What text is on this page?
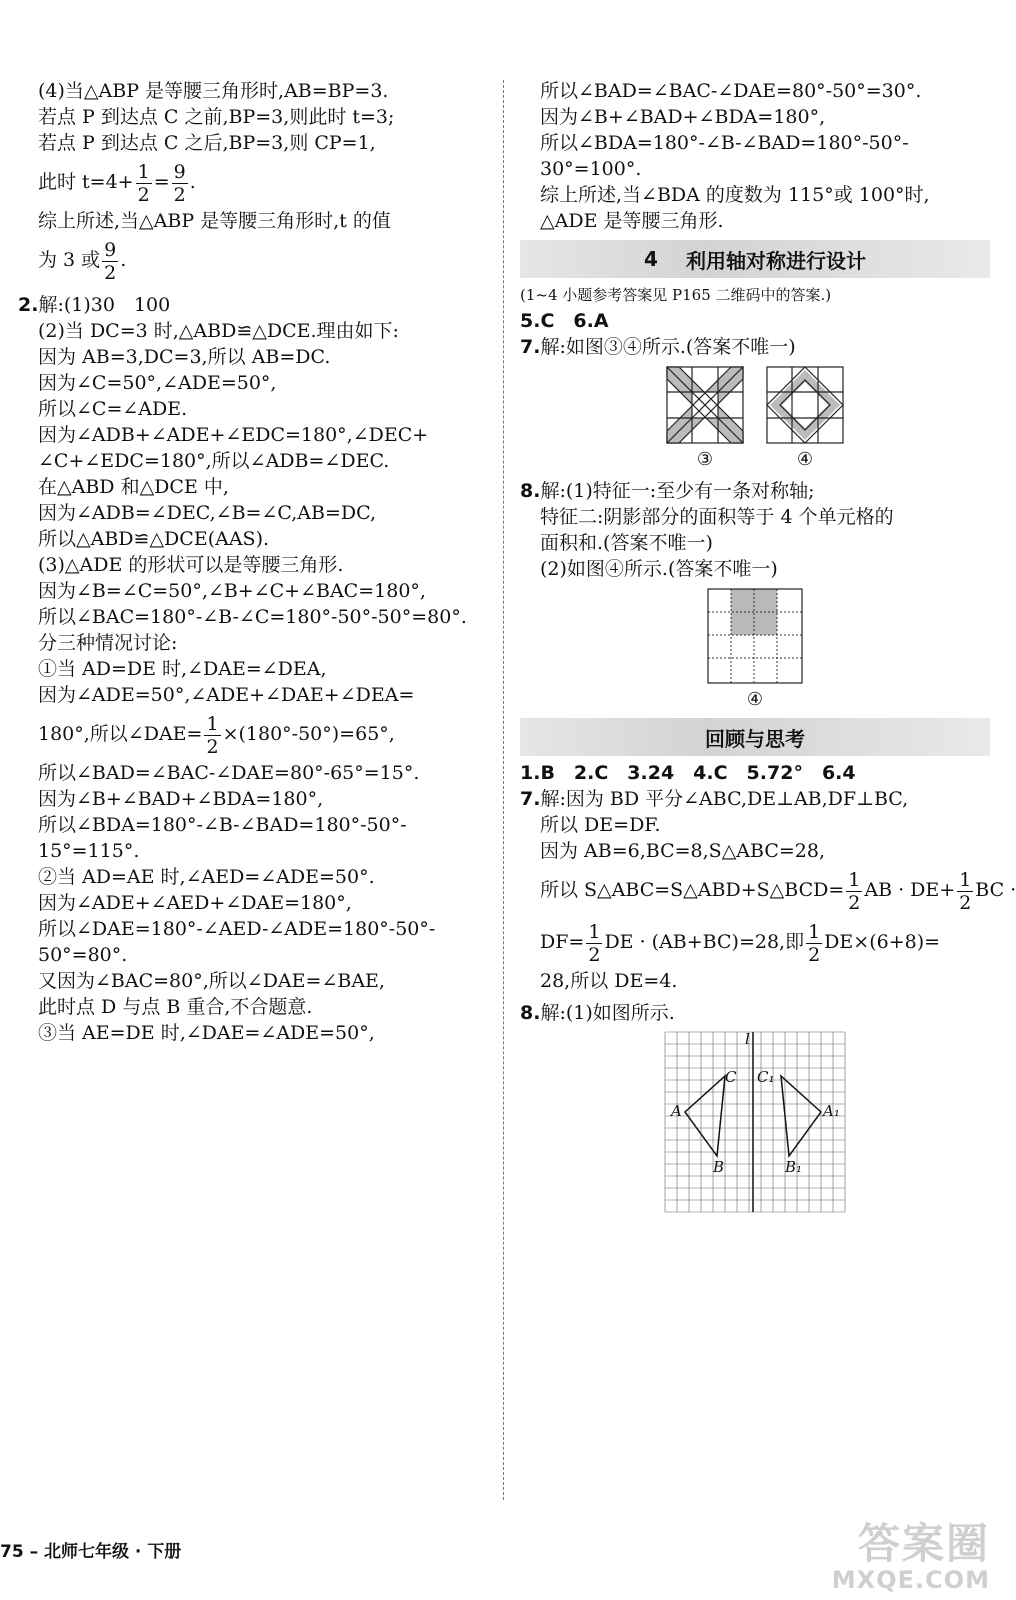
(4)当△ABP 是等腰三角形时,AB=BP=3.
若点 P 到达点 C 之前,BP=3,则此时 t=3;
若点 P 到达点 C 之后,BP=3,则 CP=1,
此时 $t=4+ \frac{1}{2} = \frac{9}{2}$ .
综上所述,当△ABP 是等腰三角形时,t 的值
为 3 或 $\frac{9}{2}$ .
2.解:(1)30　100
(2)当 DC=3 时,△ABD≌△DCE.理由如下:
因为 AB=3,DC=3,所以 AB=DC.
因为∠C=50°,∠ADE=50°,
所以∠C=∠ADE.
因为∠ADB+∠ADE+∠EDC=180°,∠DEC+
∠C+∠EDC=180°,所以∠ADB=∠DEC.
在△ABD 和△DCE 中,
因为∠ADB=∠DEC,∠B=∠C,AB=DC,
所以△ABD≌△DCE(AAS).
(3)△ADE 的形状可以是等腰三角形.
因为∠B=∠C=50°,∠B+∠C+∠BAC=180°,
所以∠BAC=180°-∠B-∠C=180°-50°-50°=80°.
分三种情况讨论:
①当 AD=DE 时,∠DAE=∠DEA,
因为∠ADE=50°,∠ADE+∠DAE+∠DEA=
180°,所以∠DAE= $\frac{1}{2} \times(180^\circ-50^\circ)=65^\circ$,
所以∠BAD=∠BAC-∠DAE=80°-65°=15°.
因为∠B+∠BAD+∠BDA=180°,
所以∠BDA=180°-∠B-∠BAD=180°-50°-
15°=115°.
②当 AD=AE 时,∠AED=∠ADE=50°.
因为∠ADE+∠AED+∠DAE=180°,
所以∠DAE=180°-∠AED-∠ADE=180°-50°-
50°=80°.
又因为∠BAC=80°,所以∠DAE=∠BAE,
此时点 D 与点 B 重合,不合题意.
③当 AE=DE 时,∠DAE=∠ADE=50°,
所以∠BAD=∠BAC-∠DAE=80°-50°=30°.
因为∠B+∠BAD+∠BDA=180°,
所以∠BDA=180°-∠B-∠BAD=180°-50°-
30°=100°.
综上所述,当∠BDA 的度数为 115°或 100°时,
△ADE 是等腰三角形.
4 利用轴对称进行设计
(1~4 小题参考答案见 P165 二维码中的答案.)
5.C　6.A
7.解:如图③④所示.(答案不唯一)
③	④
8.解:(1)特征一:至少有一条对称轴;
特征二:阴影部分的面积等于 4 个单元格的
面积和.(答案不唯一)
(2)如图④所示.(答案不唯一)
④
回顾与思考
1.B　2.C　3.24　4.C　5.72°　6.4
7.解:因为 BD 平分∠ABC,DE⊥AB,DF⊥BC,
所以 DE=DF.
因为 AB=6,BC=8,S△ABC=28,
所以 S△ABC=S△ABD+S△BCD= $\frac{1}{2}$ AB · $DE+ \frac{1}{2}$ BC ·
$DF= \frac{1}{2}$ DE · (AB+BC)=28,即 $\frac{1}{2} DE\times(6+8)=$
28,所以 DE=4.
8.解:(1)如图所示.
l
A
B
C
A₁
B₁
C₁
75 – 北师七年级 · 下册	答案圈
MXQE.COM
